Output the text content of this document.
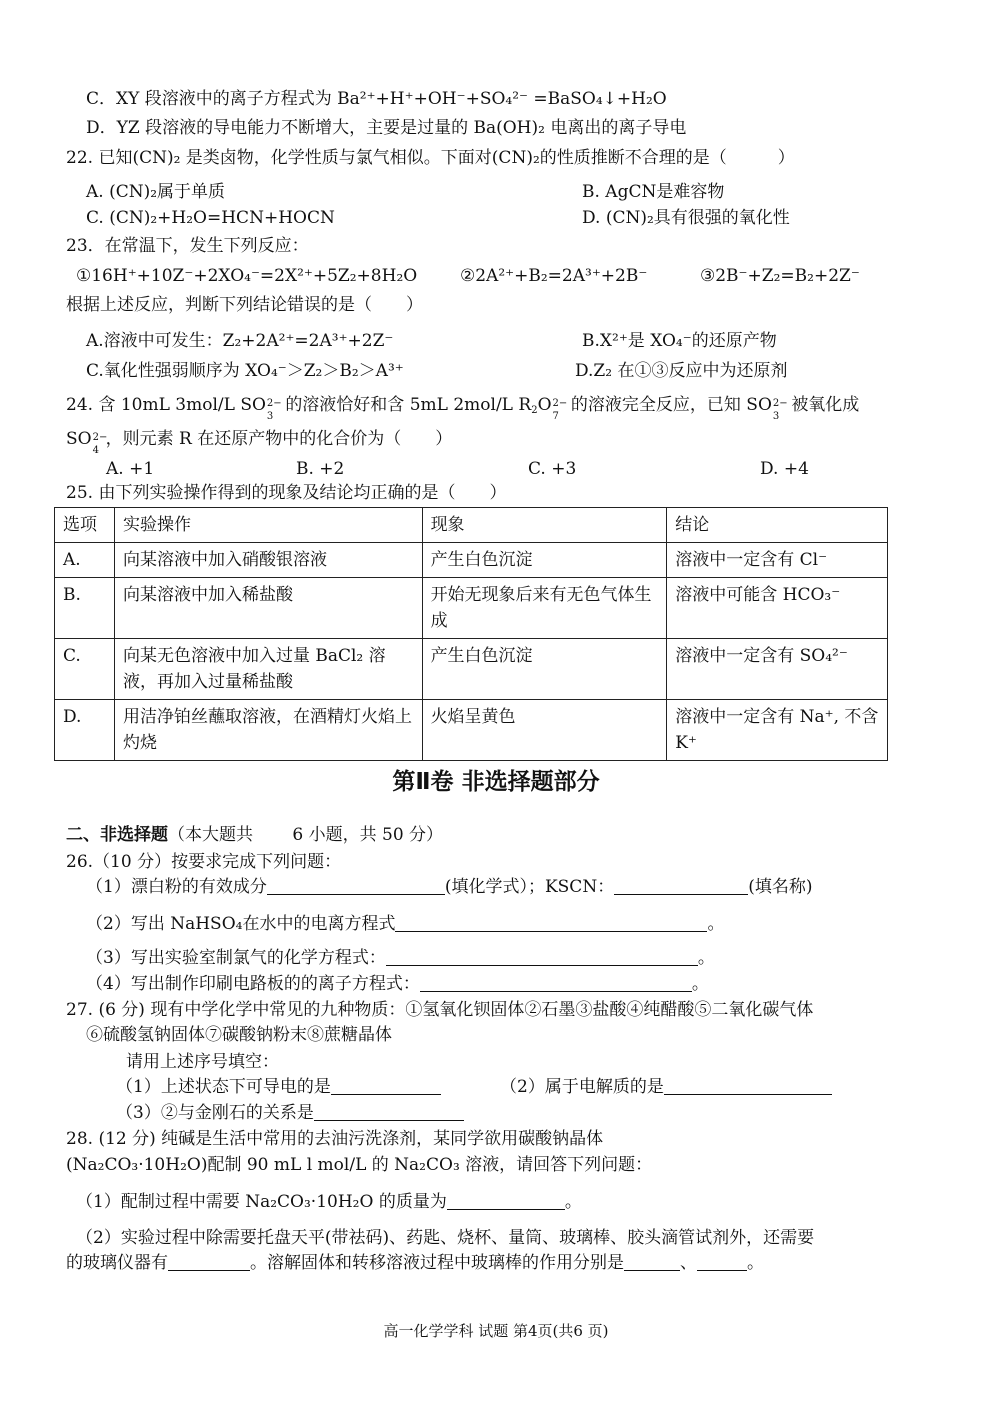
C．XY 段溶液中的离子方程式为 Ba²⁺+H⁺+OH⁻+SO₄²⁻ =BaSO₄↓+H₂O
D．YZ 段溶液的导电能力不断增大，主要是过量的 Ba(OH)₂ 电离出的离子导电
22. 已知(CN)₂ 是类卤物，化学性质与氯气相似。下面对(CN)₂的性质推断不合理的是（　　　）
A. (CN)₂属于单质	B. AgCN是难容物
C. (CN)₂+H₂O=HCN+HOCN	D. (CN)₂具有很强的氧化性
23．在常温下，发生下列反应：
①16H⁺+10Z⁻+2XO₄⁻=2X²⁺+5Z₂+8H₂O	②2A²⁺+B₂=2A³⁺+2B⁻	③2B⁻+Z₂=B₂+2Z⁻
根据上述反应，判断下列结论错误的是（　　）
A.溶液中可发生：Z₂+2A²⁺=2A³⁺+2Z⁻	B.X²⁺是 XO₄⁻的还原产物
C.氧化性强弱顺序为 XO₄⁻＞Z₂＞B₂＞A³⁺	D.Z₂ 在①③反应中为还原剂
24. 含 10mL 3mol/L SO 2−
3
的溶液恰好和含 5mL 2mol/L $R_2O$ 2−
7
的溶液完全反应，已知 SO 2−
3
被氧化成
SO 2−
4
，则元素 R 在还原产物中的化合价为（　　）
A. +1	B. +2	C. +3	D. +4
25. 由下列实验操作得到的现象及结论均正确的是（　　）
选项	实验操作	现象	结论
A.	向某溶液中加入硝酸银溶液	产生白色沉淀	溶液中一定含有 Cl⁻
B.	向某溶液中加入稀盐酸	开始无现象后来有无色气体生成	溶液中可能含 HCO₃⁻
C.	向某无色溶液中加入过量 BaCl₂ 溶液，再加入过量稀盐酸	产生白色沉淀	溶液中一定含有 SO₄²⁻
D.	用洁净铂丝蘸取溶液，在酒精灯火焰上灼烧	火焰呈黄色	溶液中一定含有 Na⁺, 不含 K⁺
第Ⅱ卷 非选择题部分
二、非选择题（本大题共　　 6 小题，共 50 分）
26.（10 分）按要求完成下列问题：
（1）漂白粉的有效成分	(填化学式）；KSCN：	(填名称)
（2）写出 NaHSO₄在水中的电离方程式	。
（3）写出实验室制氯气的化学方程式：	。
（4）写出制作印刷电路板的的离子方程式：	。
27. (6 分) 现有中学化学中常见的九种物质：①氢氧化钡固体②石墨③盐酸④纯醋酸⑤二氧化碳气体
⑥硫酸氢钠固体⑦碳酸钠粉末⑧蔗糖晶体
请用上述序号填空：
（1）上述状态下可导电的是	（2）属于电解质的是
（3）②与金刚石的关系是
28. (12 分) 纯碱是生活中常用的去油污洗涤剂，某同学欲用碳酸钠晶体
(Na₂CO₃·10H₂O)配制 90 mL l mol/L 的 Na₂CO₃ 溶液，请回答下列问题：
（1）配制过程中需要 Na₂CO₃·10H₂O 的质量为	。
（2）实验过程中除需要托盘天平(带祛码)、药匙、烧杯、量筒、玻璃棒、胶头滴管试剂外，还需要
的玻璃仪器有	。溶解固体和转移溶液过程中玻璃棒的作用分别是	、	。
高一化学学科 试题 第4页(共6 页)
